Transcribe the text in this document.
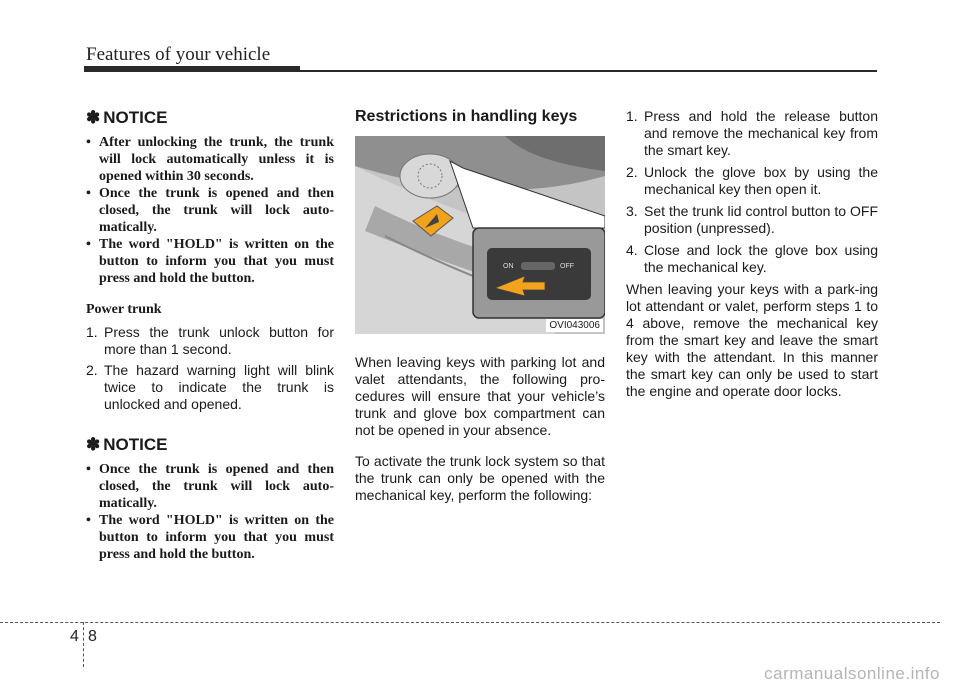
Features of your vehicle
✽ NOTICE
• After unlocking the trunk, the trunk will lock automatically unless it is opened within 30 seconds.
• Once the trunk is opened and then closed, the trunk will lock auto-matically.
• The word "HOLD" is written on the button to inform you that you must press and hold the button.
Power trunk
1. Press the trunk unlock button for more than 1 second.
2. The hazard warning light will blink twice to indicate the trunk is unlocked and opened.
✽ NOTICE
• Once the trunk is opened and then closed, the trunk will lock auto-matically.
• The word "HOLD" is written on the button to inform you that you must press and hold the button.
Restrictions in handling keys
ON	OFF
OVI043006

When leaving keys with parking lot and valet attendants, the following pro-cedures will ensure that your vehicle’s trunk and glove box compartment can not be opened in your absence.

To activate the trunk lock system so that the trunk can only be opened with the mechanical key, perform the following:

1. Press and hold the release button and remove the mechanical key from the smart key.
2. Unlock the glove box by using the mechanical key then open it.
3. Set the trunk lid control button to OFF position (unpressed).
4. Close and lock the glove box using the mechanical key.

When leaving your keys with a park-ing lot attendant or valet, perform steps 1 to 4 above, remove the mechanical key from the smart key and leave the smart key with the attendant. In this manner the smart key can only be used to start the engine and operate door locks.

4 8
carmanualsonline.info
